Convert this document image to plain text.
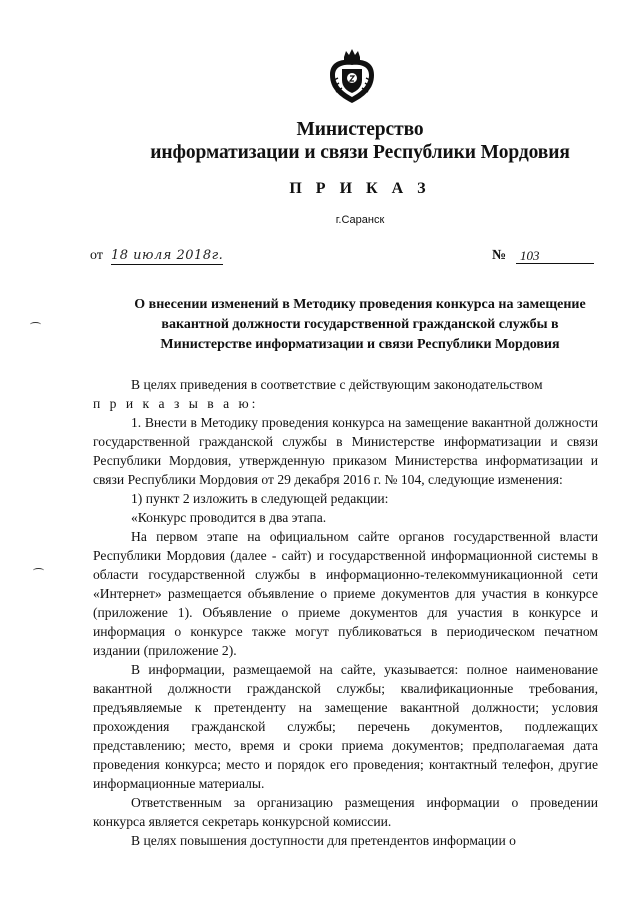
Министерство
информатизации и связи Республики Мордовия
П Р И К А З
г.Саранск
от 18 июля 2018г.	№	103
О внесении изменений в Методику проведения конкурса на замещение
вакантной должности государственной гражданской службы в
Министерстве информатизации и связи Республики Мордовия

В целях приведения в соответствие с действующим законодательством

п р и к а з ы в а ю:

1. Внести в Методику проведения конкурса на замещение вакантной должности государственной гражданской службы в Министерстве информатизации и связи Республики Мордовия, утвержденную приказом Министерства информатизации и связи Республики Мордовия от 29 декабря 2016 г. № 104, следующие изменения:

1) пункт 2 изложить в следующей редакции:

«Конкурс проводится в два этапа.

На первом этапе на официальном сайте органов государственной власти Республики Мордовия (далее - сайт) и государственной информационной системы в области государственной службы в информационно-телекоммуникационной сети «Интернет» размещается объявление о приеме документов для участия в конкурсе (приложение 1). Объявление о приеме документов для участия в конкурсе и информация о конкурсе также могут публиковаться в периодическом печатном издании (приложение 2).

В информации, размещаемой на сайте, указывается: полное наименование вакантной должности гражданской службы; квалификационные требования, предъявляемые к претенденту на замещение вакантной должности; условия прохождения гражданской службы; перечень документов, подлежащих представлению; место, время и сроки приема документов; предполагаемая дата проведения конкурса; место и порядок его проведения; контактный телефон, другие информационные материалы.

Ответственным за организацию размещения информации о проведении конкурса является секретарь конкурсной комиссии.

В целях повышения доступности для претендентов информации о
